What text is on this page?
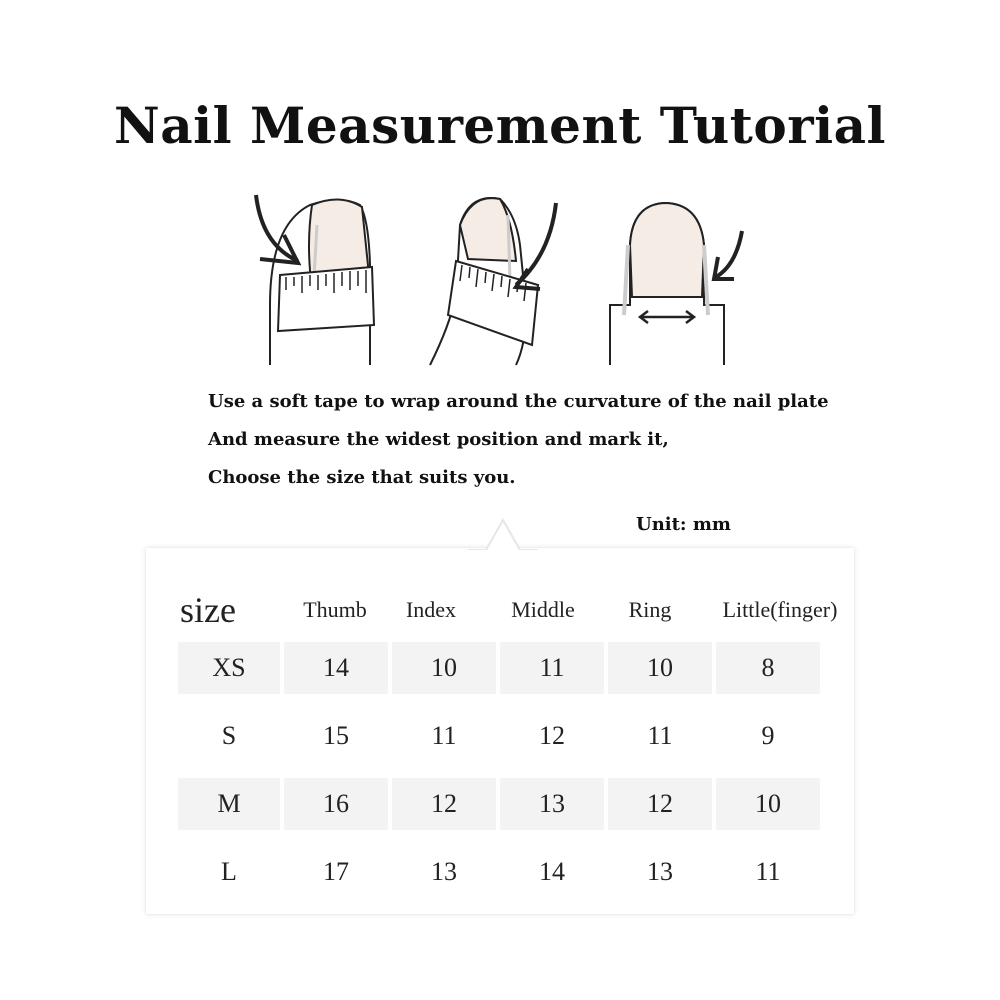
Nail Measurement Tutorial
Use a soft tape to wrap around the curvature of the nail plate
And measure the widest position and mark it,
Choose the size that suits you.
Unit: mm
size	Thumb	Index	Middle	Ring	Little(finger)
XS	14	10	11	10	8
S	15	11	12	11	9
M	16	12	13	12	10
L	17	13	14	13	11
